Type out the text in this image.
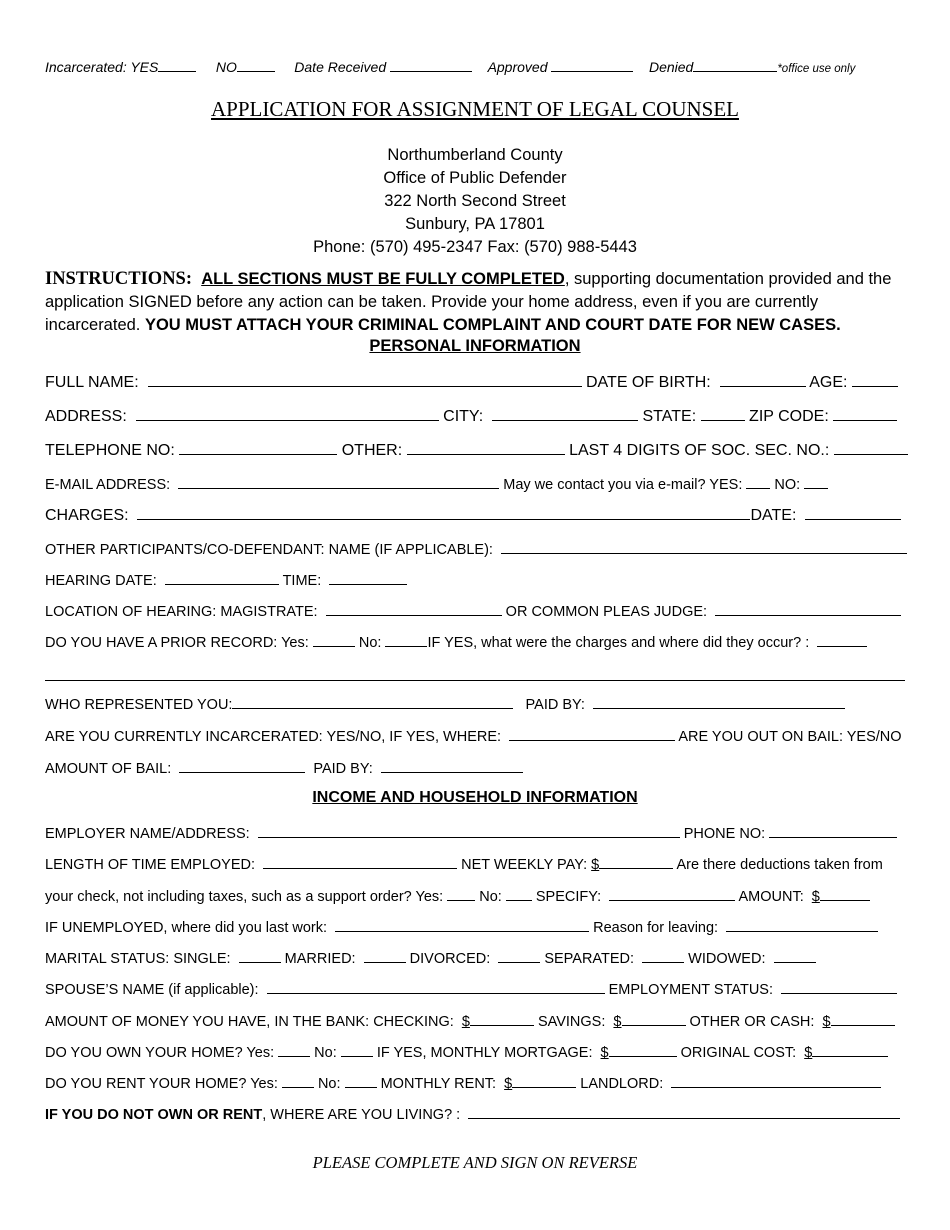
Incarcerated: YES	NO	Date Received	Approved	Denied	*office use only
APPLICATION FOR ASSIGNMENT OF LEGAL COUNSEL
Northumberland County
Office of Public Defender
322 North Second Street
Sunbury, PA 17801
Phone: (570) 495-2347 Fax: (570) 988-5443
INSTRUCTIONS: ALL SECTIONS MUST BE FULLY COMPLETED, supporting documentation provided and the application SIGNED before any action can be taken. Provide your home address, even if you are currently incarcerated. YOU MUST ATTACH YOUR CRIMINAL COMPLAINT AND COURT DATE FOR NEW CASES.
PERSONAL INFORMATION
FULL NAME:	DATE OF BIRTH:	AGE:
ADDRESS:	CITY:	STATE:	ZIP CODE:
TELEPHONE NO:	OTHER:	LAST 4 DIGITS OF SOC. SEC. NO.:
E-MAIL ADDRESS:	May we contact you via e-mail? YES: NO:
CHARGES:	DATE:
OTHER PARTICIPANTS/CO-DEFENDANT: NAME (IF APPLICABLE):
HEARING DATE:	TIME:
LOCATION OF HEARING: MAGISTRATE:	OR COMMON PLEAS JUDGE:
DO YOU HAVE A PRIOR RECORD: Yes:	No:	IF YES, what were the charges and where did they occur? :
WHO REPRESENTED YOU:	PAID BY:
ARE YOU CURRENTLY INCARCERATED: YES/NO, IF YES, WHERE:	ARE YOU OUT ON BAIL: YES/NO
AMOUNT OF BAIL:	PAID BY:
INCOME AND HOUSEHOLD INFORMATION
EMPLOYER NAME/ADDRESS:	PHONE NO:
LENGTH OF TIME EMPLOYED:	NET WEEKLY PAY: $	Are there deductions taken from
your check, not including taxes, such as a support order? Yes: No: SPECIFY:	AMOUNT: $
IF UNEMPLOYED, where did you last work:	Reason for leaving:
MARITAL STATUS: SINGLE:	MARRIED:	DIVORCED:	SEPARATED:	WIDOWED:
SPOUSE’S NAME (if applicable):	EMPLOYMENT STATUS:
AMOUNT OF MONEY YOU HAVE, IN THE BANK: CHECKING: $	SAVINGS: $	OTHER OR CASH: $
DO YOU OWN YOUR HOME? Yes:	No:	IF YES, MONTHLY MORTGAGE: $	ORIGINAL COST: $
DO YOU RENT YOUR HOME? Yes:	No:	MONTHLY RENT: $	LANDLORD:
IF YOU DO NOT OWN OR RENT, WHERE ARE YOU LIVING? :
PLEASE COMPLETE AND SIGN ON REVERSE
